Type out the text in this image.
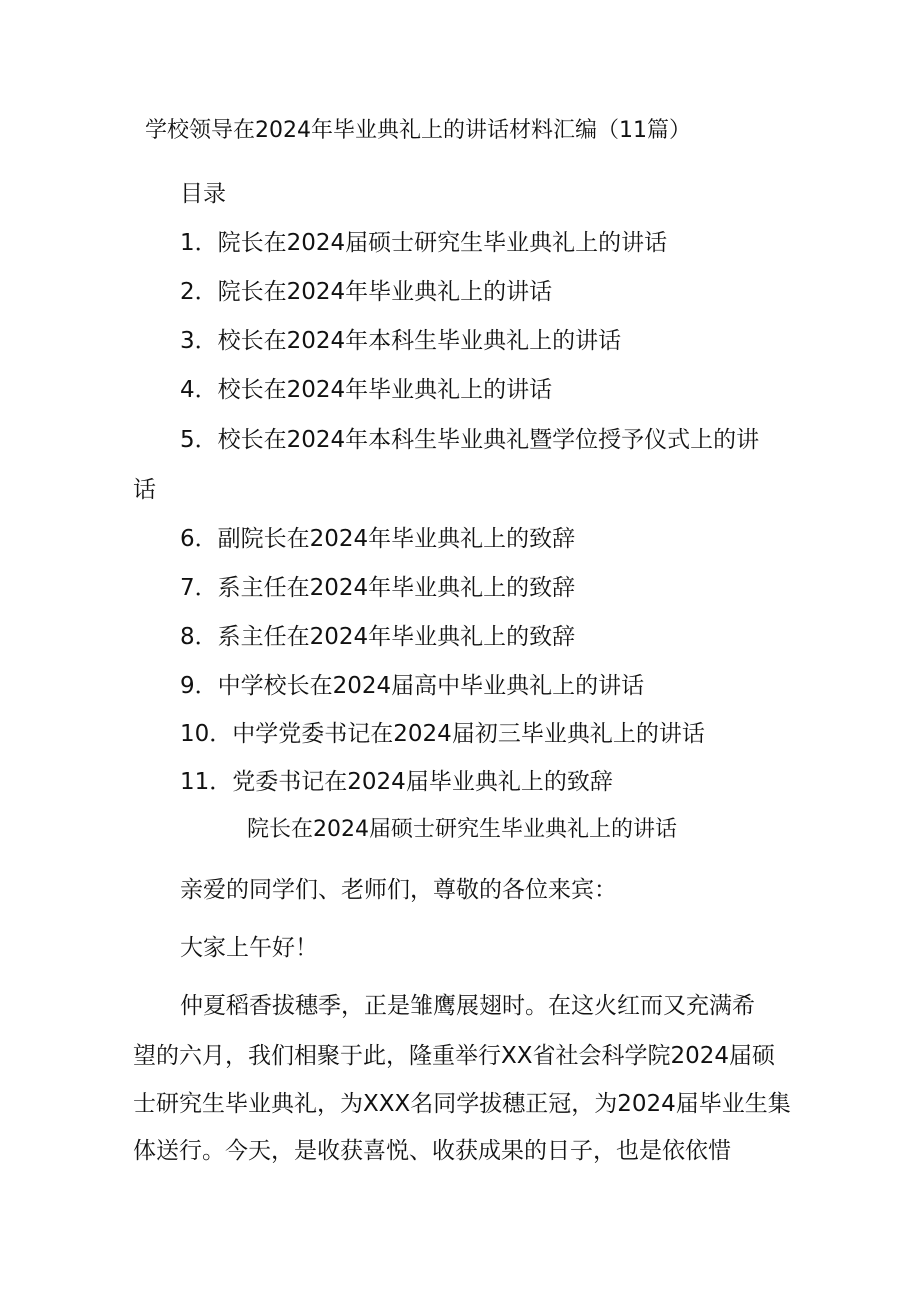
学校领导在2024年毕业典礼上的讲话材料汇编（11篇）
目录
1．院长在2024届硕士研究生毕业典礼上的讲话
2．院长在2024年毕业典礼上的讲话
3．校长在2024年本科生毕业典礼上的讲话
4．校长在2024年毕业典礼上的讲话
5．校长在2024年本科生毕业典礼暨学位授予仪式上的讲
话
6．副院长在2024年毕业典礼上的致辞
7．系主任在2024年毕业典礼上的致辞
8．系主任在2024年毕业典礼上的致辞
9．中学校长在2024届高中毕业典礼上的讲话
10．中学党委书记在2024届初三毕业典礼上的讲话
11．党委书记在2024届毕业典礼上的致辞
院长在2024届硕士研究生毕业典礼上的讲话
亲爱的同学们、老师们，尊敬的各位来宾：
大家上午好！
仲夏稻香拔穗季，正是雏鹰展翅时。在这火红而又充满希
望的六月，我们相聚于此，隆重举行XX省社会科学院2024届硕
士研究生毕业典礼，为XXX名同学拔穗正冠，为2024届毕业生集
体送行。今天，是收获喜悦、收获成果的日子，也是依依惜
